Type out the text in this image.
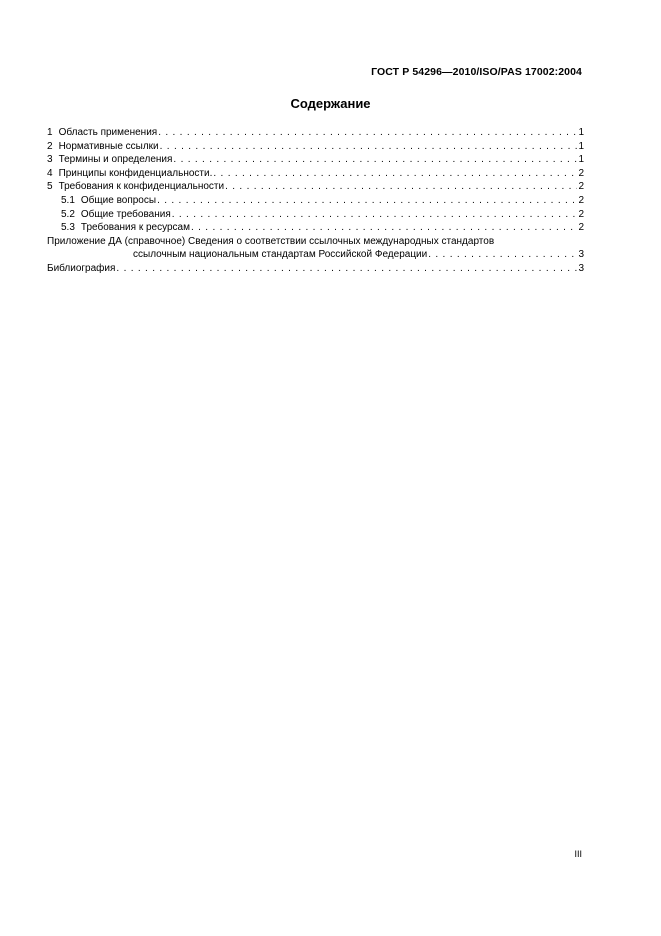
ГОСТ Р 54296—2010/ISO/PAS 17002:2004
Содержание
1 Область применения . . .	1
2 Нормативные ссылки . . .	1
3 Термины и определения . . .	1
4 Принципы конфиденциальности. . . .	2
5 Требования к конфиденциальности . . .	2
5.1 Общие вопросы . . .	2
5.2 Общие требования . . .	2
5.3 Требования к ресурсам . . .	2
Приложение ДА (справочное) Сведения о соответствии ссылочных международных стандартов
ссылочным национальным стандартам Российской Федерации . . .	3
Библиография . . .	3
III
